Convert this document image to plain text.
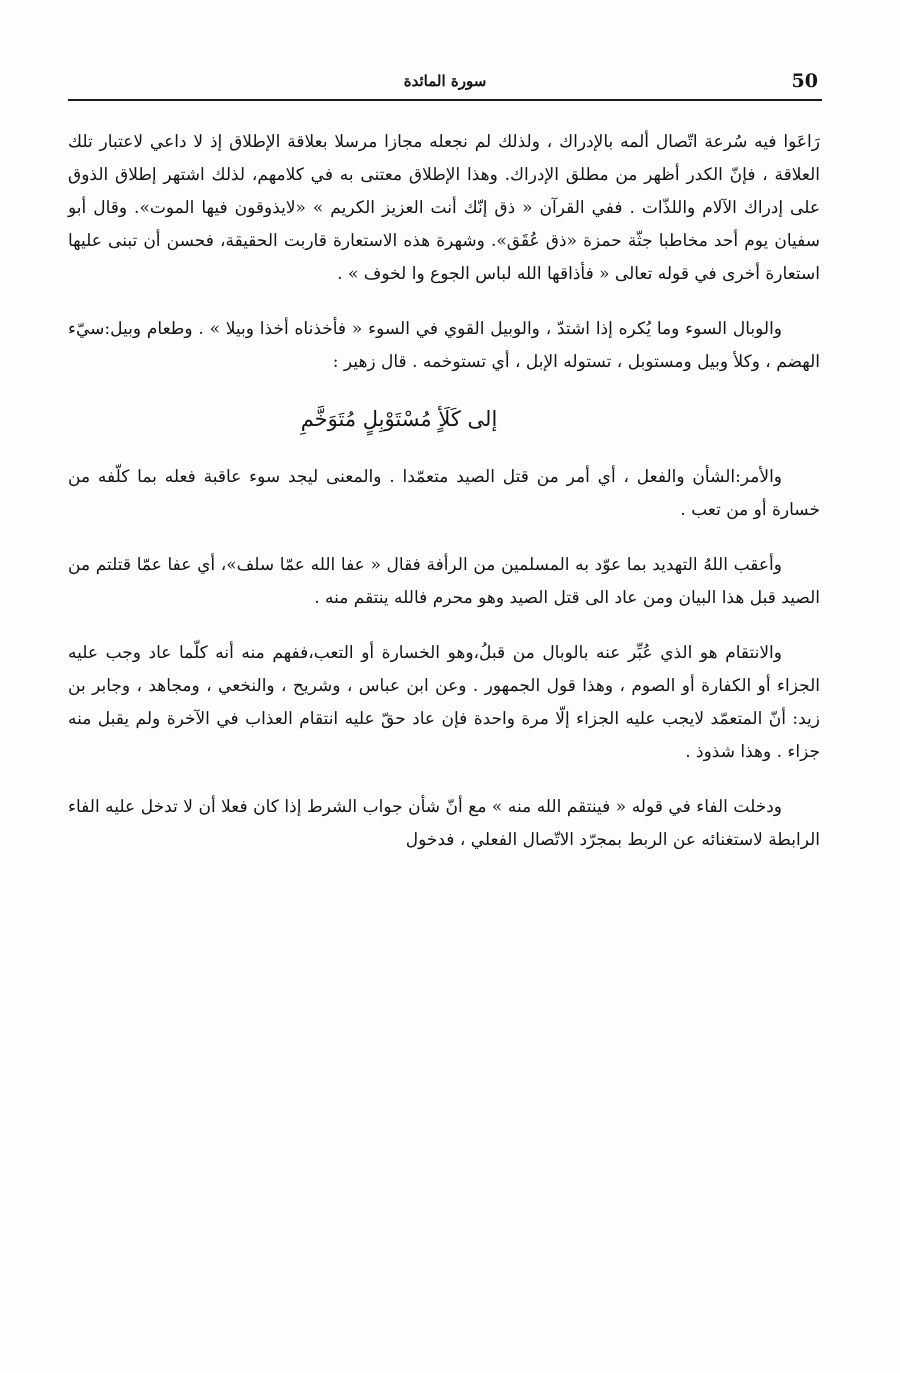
50
سورة المائدة

رَاعَوا فيه سُرعة اتّصال ألمه بالإدراك ، ولذلك لم نجعله مجازا مرسلا بعلاقة الإطلاق إذ لا داعي لاعتبار تلك العلاقة ، فإنّ الكدر أظهر من مطلق الإدراك. وهذا الإطلاق معتنى به في كلامهم، لذلك اشتهر إطلاق الذوق على إدراك الآلام واللذّات . ففي القرآن « ذق إنّك أنت العزيز الكريم » «لايذوقون فيها الموت». وقال أبو سفيان يوم أحد مخاطبا جثّة حمزة «ذق عُقَق». وشهرة هذه الاستعارة قاربت الحقيقة، فحسن أن تبنى عليها استعارة أخرى في قوله تعالى « فأذاقها الله لباس الجوع وا لخوف » .

والوبال السوء وما يُكره إذا اشتدّ ، والوبيل القوي في السوء « فأخذناه أخذا وبيلا » . وطعام وبيل:سيّء الهضم ، وكلأ وبيل ومستوبل ، تستوله الإبل ، أي تستوخمه . قال زهير :

إلى كَلَأٍ مُسْتَوْبِلٍ مُتَوَخَّمِ

والأمر:الشأن والفعل ، أي أمر من قتل الصيد متعمّدا . والمعنى ليجد سوء عاقبة فعله بما كلّفه من خسارة أو من تعب .

وأعقب اللهُ التهديد بما عوّد به المسلمين من الرأفة فقال « عفا الله عمّا سلف»، أي عفا عمّا قتلتم من الصيد قبل هذا البيان ومن عاد الى قتل الصيد وهو محرم فالله ينتقم منه .

والانتقام هو الذي عُبِّر عنه بالوبال من قبلُ،وهو الخسارة أو التعب،ففهم منه أنه كلّما عاد وجب عليه الجزاء أو الكفارة أو الصوم ، وهذا قول الجمهور . وعن ابن عباس ، وشريح ، والنخعي ، ومجاهد ، وجابر بن زيد: أنّ المتعمّد لايجب عليه الجزاء إلّا مرة واحدة فإن عاد حقّ عليه انتقام العذاب في الآخرة ولم يقبل منه جزاء . وهذا شذوذ .

ودخلت الفاء في قوله « فينتقم الله منه » مع أنّ شأن جواب الشرط إذا كان فعلا أن لا تدخل عليه الفاء الرابطة لاستغنائه عن الربط بمجرّد الاتّصال الفعلي ، فدخول
